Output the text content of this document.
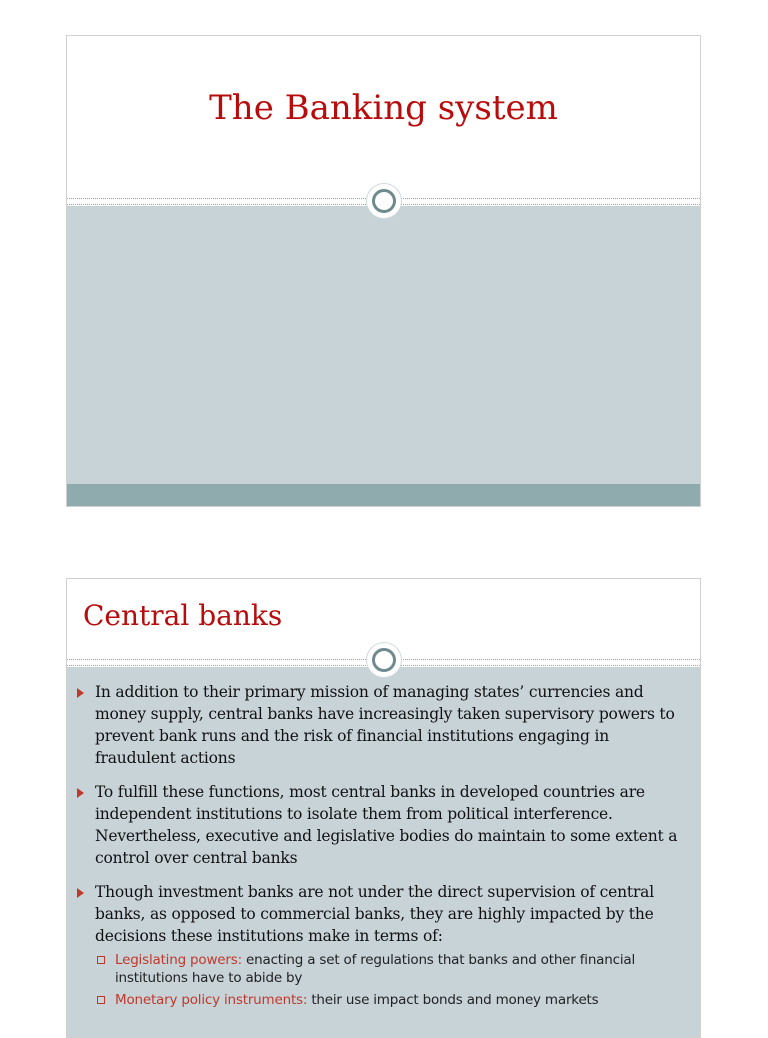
The Banking system
Central banks
In addition to their primary mission of managing states’ currencies and money supply, central banks have increasingly taken supervisory powers to prevent bank runs and the risk of financial institutions engaging in fraudulent actions
To fulfill these functions, most central banks in developed countries are independent institutions to isolate them from political interference. Nevertheless, executive and legislative bodies do maintain to some extent a control over central banks
Though investment banks are not under the direct supervision of central banks, as opposed to commercial banks, they are highly impacted by the decisions these institutions make in terms of:
Legislating powers: enacting a set of regulations that banks and other financial institutions have to abide by
Monetary policy instruments: their use impact bonds and money markets
